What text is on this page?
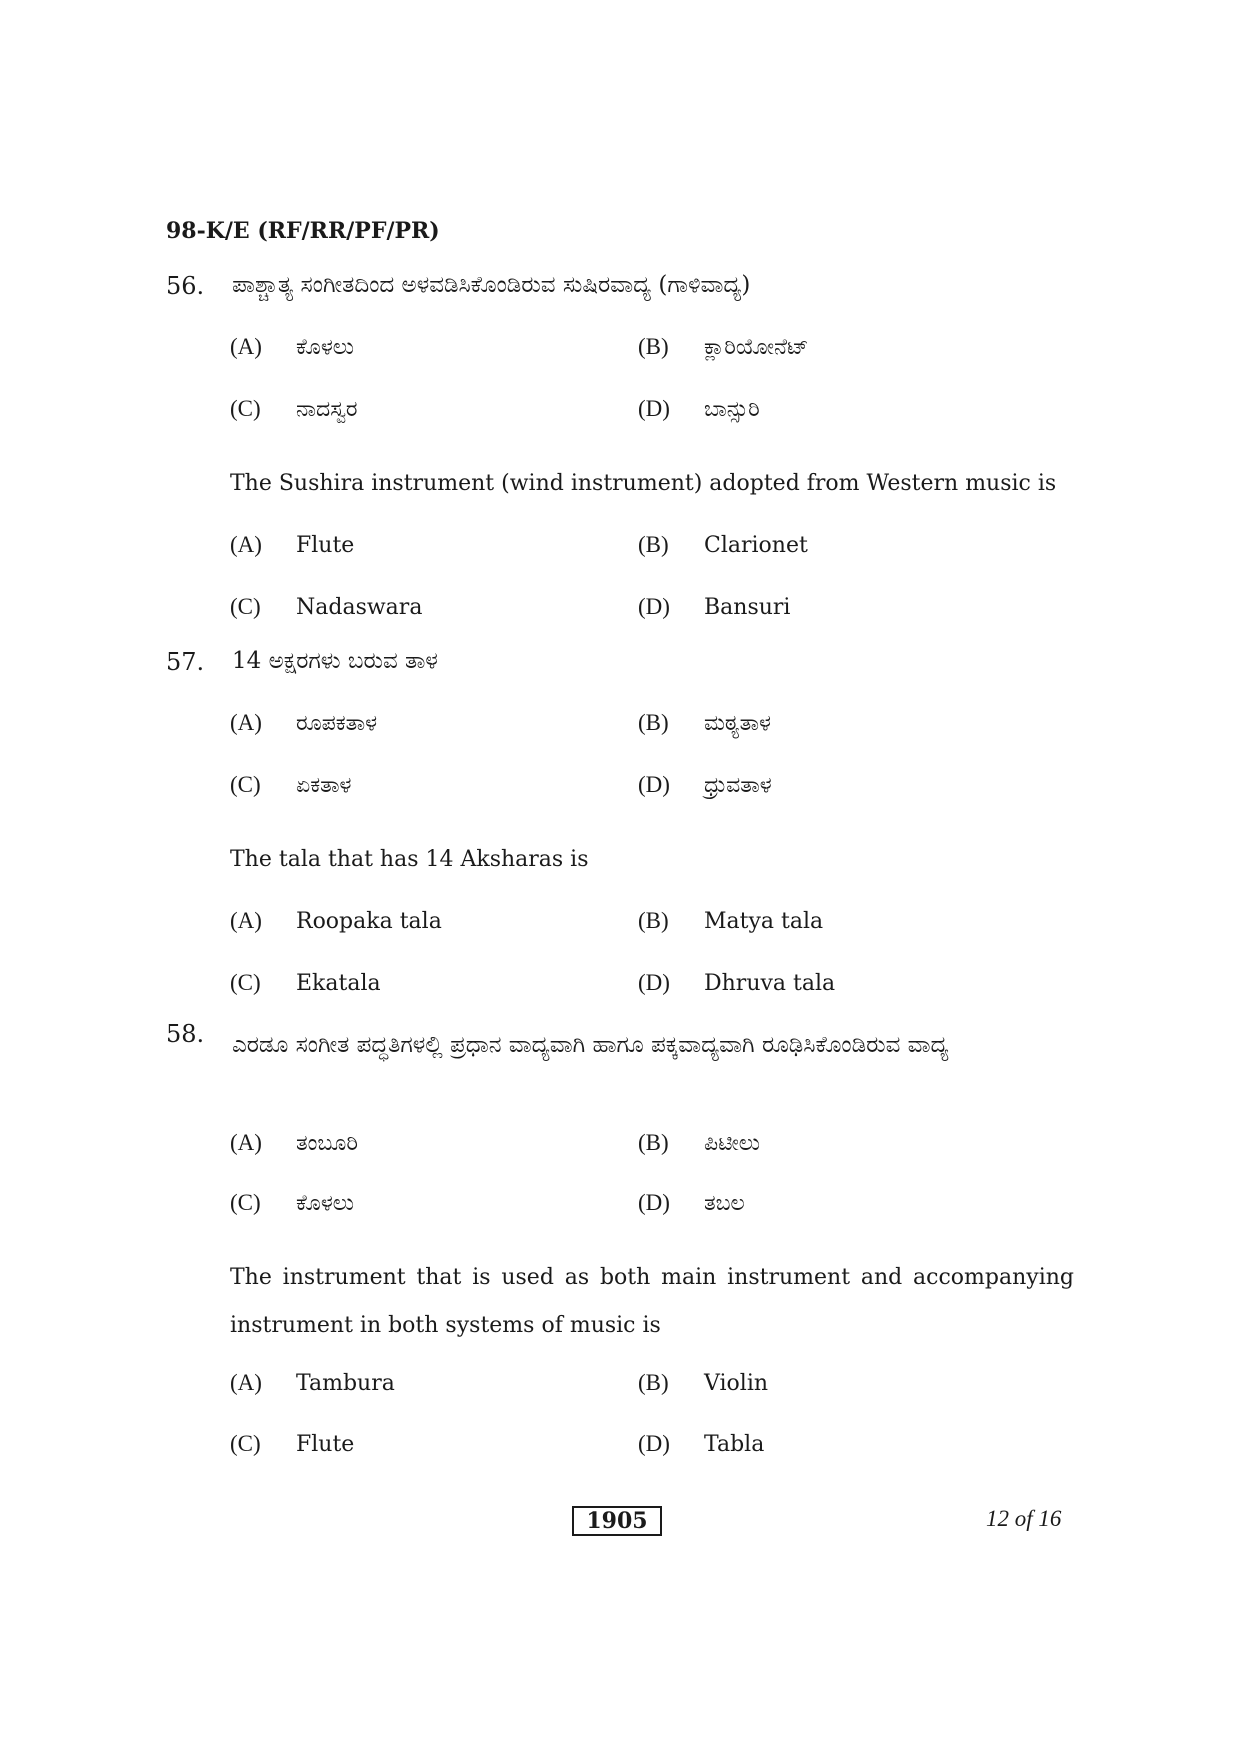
98-K/E (RF/RR/PF/PR)
56. ಪಾಶ್ಚಾತ್ಯ ಸಂಗೀತದಿಂದ ಅಳವಡಿಸಿಕೊಂಡಿರುವ ಸುಷಿರವಾದ್ಯ (ಗಾಳಿವಾದ್ಯ)
(A) ಕೊಳಲು	(B) ಕ್ಲಾರಿಯೋನೆಟ್
(C) ನಾದಸ್ವರ	(D) ಬಾನ್ಸುರಿ
The Sushira instrument (wind instrument) adopted from Western music is
(A) Flute	(B) Clarionet
(C) Nadaswara	(D) Bansuri
57. 14 ಅಕ್ಷರಗಳು ಬರುವ ತಾಳ
(A) ರೂಪಕತಾಳ	(B) ಮಠ್ಯತಾಳ
(C) ಏಕತಾಳ	(D) ಧ್ರುವತಾಳ
The tala that has 14 Aksharas is
(A) Roopaka tala	(B) Matya tala
(C) Ekatala	(D) Dhruva tala
58. ಎರಡೂ ಸಂಗೀತ ಪದ್ಧತಿಗಳಲ್ಲಿ ಪ್ರಧಾನ ವಾದ್ಯವಾಗಿ ಹಾಗೂ ಪಕ್ಕವಾದ್ಯವಾಗಿ ರೂಢಿಸಿಕೊಂಡಿರುವ ವಾದ್ಯ
(A) ತಂಬೂರಿ	(B) ಪಿಟೀಲು
(C) ಕೊಳಲು	(D) ತಬಲ
The instrument that is used as both main instrument and accompanying instrument in both systems of music is
(A) Tambura	(B) Violin
(C) Flute	(D) Tabla
1905	12 of 16
